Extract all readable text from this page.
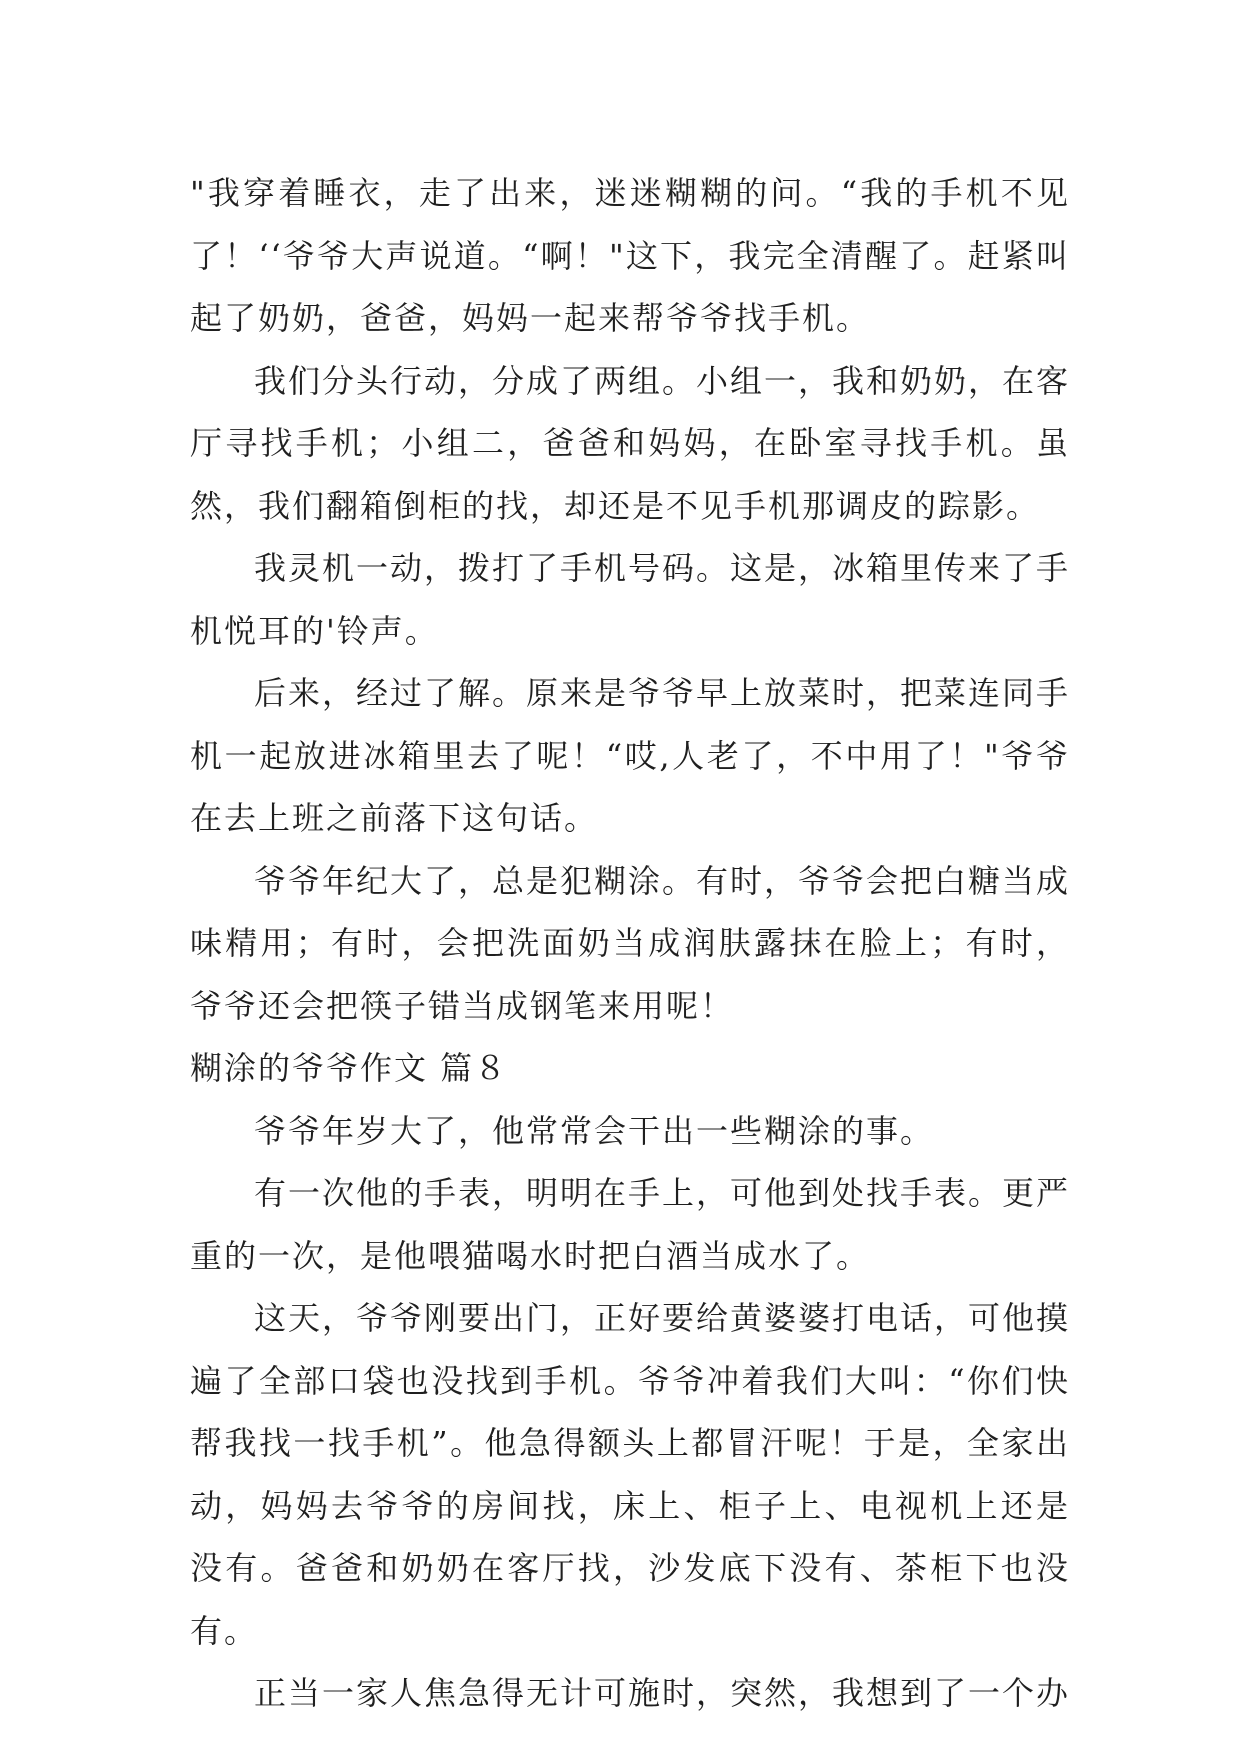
"我穿着睡衣，走了出来，迷迷糊糊的问。“我的手机不见了！‘‘爷爷大声说道。“啊！"这下，我完全清醒了。赶紧叫起了奶奶，爸爸，妈妈一起来帮爷爷找手机。

我们分头行动，分成了两组。小组一，我和奶奶，在客厅寻找手机；小组二，爸爸和妈妈，在卧室寻找手机。虽然，我们翻箱倒柜的找，却还是不见手机那调皮的踪影。

我灵机一动，拨打了手机号码。这是，冰箱里传来了手机悦耳的'铃声。

后来，经过了解。原来是爷爷早上放菜时，把菜连同手机一起放进冰箱里去了呢！“哎,人老了，不中用了！"爷爷在去上班之前落下这句话。

爷爷年纪大了，总是犯糊涂。有时，爷爷会把白糖当成味精用；有时，会把洗面奶当成润肤露抹在脸上；有时，爷爷还会把筷子错当成钢笔来用呢！

糊涂的爷爷作文 篇８

爷爷年岁大了，他常常会干出一些糊涂的事。

有一次他的手表，明明在手上，可他到处找手表。更严重的一次，是他喂猫喝水时把白酒当成水了。

这天，爷爷刚要出门，正好要给黄婆婆打电话，可他摸遍了全部口袋也没找到手机。爷爷冲着我们大叫：“你们快帮我找一找手机”。他急得额头上都冒汗呢！于是，全家出动，妈妈去爷爷的房间找，床上、柜子上、电视机上还是没有。爸爸和奶奶在客厅找，沙发底下没有、茶柜下也没有。

正当一家人焦急得无计可施时，突然，我想到了一个办
